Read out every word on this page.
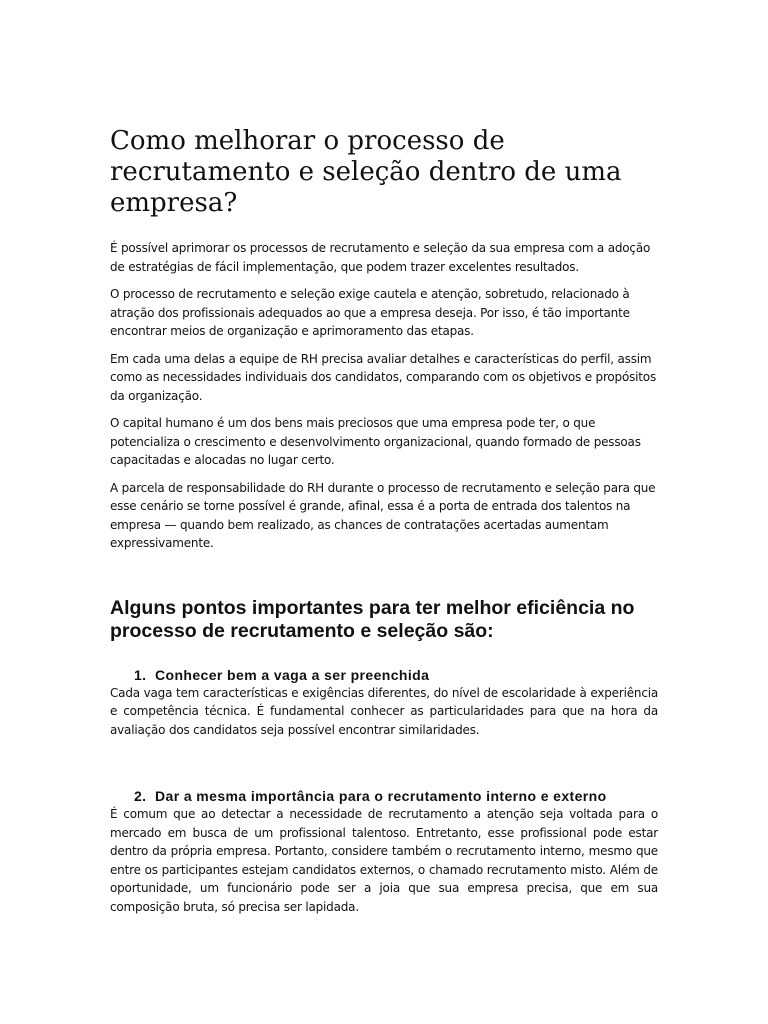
Como melhorar o processo de recrutamento e seleção dentro de uma empresa?

É possível aprimorar os processos de recrutamento e seleção da sua empresa com a adoção de estratégias de fácil implementação, que podem trazer excelentes resultados.

O processo de recrutamento e seleção exige cautela e atenção, sobretudo, relacionado à atração dos profissionais adequados ao que a empresa deseja. Por isso, é tão importante encontrar meios de organização e aprimoramento das etapas.

Em cada uma delas a equipe de RH precisa avaliar detalhes e características do perfil, assim como as necessidades individuais dos candidatos, comparando com os objetivos e propósitos da organização.

O capital humano é um dos bens mais preciosos que uma empresa pode ter, o que potencializa o crescimento e desenvolvimento organizacional, quando formado de pessoas capacitadas e alocadas no lugar certo.

A parcela de responsabilidade do RH durante o processo de recrutamento e seleção para que esse cenário se torne possível é grande, afinal, essa é a porta de entrada dos talentos na empresa — quando bem realizado, as chances de contratações acertadas aumentam expressivamente.

Alguns pontos importantes para ter melhor eficiência no processo de recrutamento e seleção são:
1. Conhecer bem a vaga a ser preenchida

Cada vaga tem características e exigências diferentes, do nível de escolaridade à experiência e competência técnica. É fundamental conhecer as particularidades para que na hora da avaliação dos candidatos seja possível encontrar similaridades.

2. Dar a mesma importância para o recrutamento interno e externo

É comum que ao detectar a necessidade de recrutamento a atenção seja voltada para o mercado em busca de um profissional talentoso. Entretanto, esse profissional pode estar dentro da própria empresa. Portanto, considere também o recrutamento interno, mesmo que entre os participantes estejam candidatos externos, o chamado recrutamento misto. Além de oportunidade, um funcionário pode ser a joia que sua empresa precisa, que em sua composição bruta, só precisa ser lapidada.
